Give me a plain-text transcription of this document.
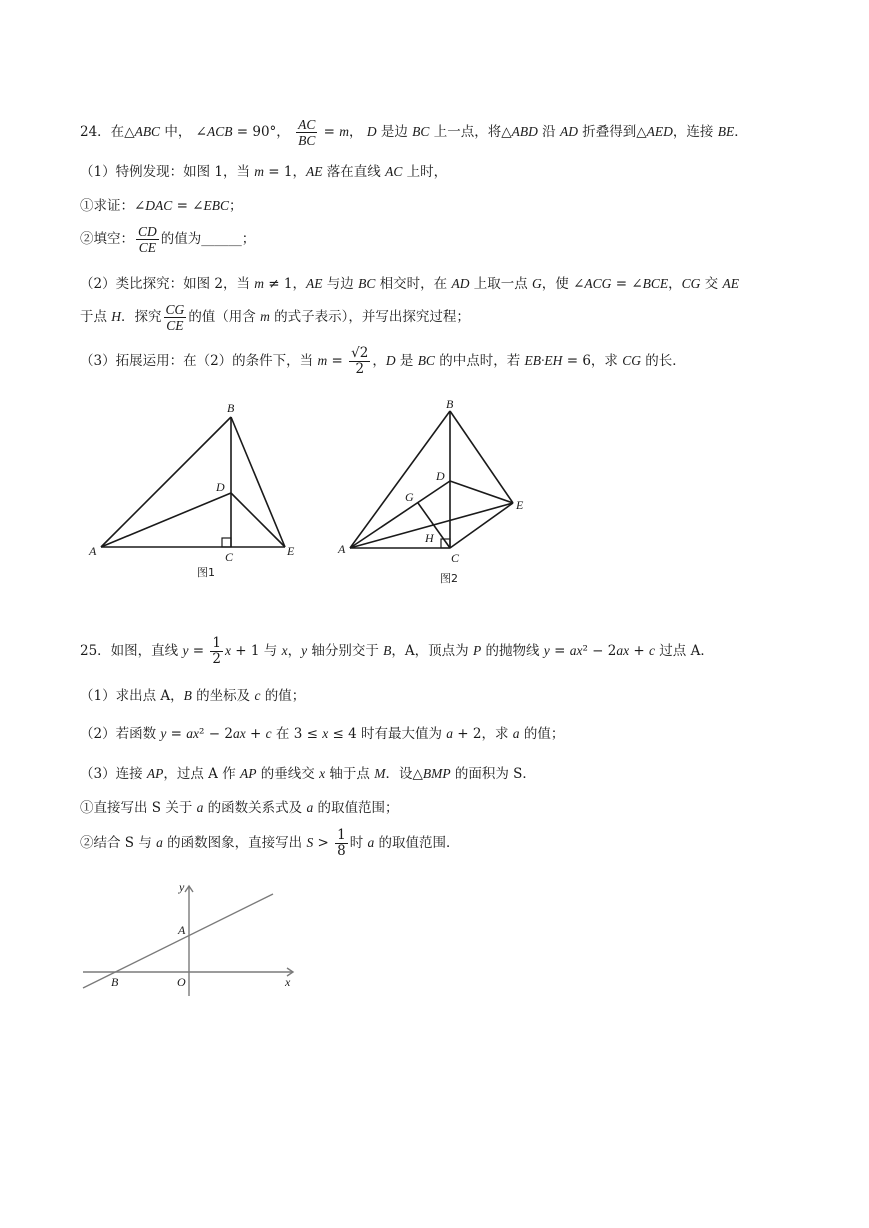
24．在△ABC 中， ∠ACB = 90°， $\frac{AC}{BC} = m$， D 是边 BC 上一点，将△ABD 沿 AD 折叠得到△AED，连接 BE．
（1）特例发现：如图 1，当 m = 1，AE 落在直线 AC 上时，
①求证：∠DAC = ∠EBC；
②填空： $\frac{CD}{CE}$ 的值为______；
（2）类比探究：如图 2，当 m ≠ 1，AE 与边 BC 相交时，在 AD 上取一点 G，使 ∠ACG = ∠BCE，CG 交 AE
于点 H．探究 $\frac{CG}{CE}$ 的值（用含 m 的式子表示），并写出探究过程；
（3）拓展运用：在（2）的条件下，当 $m = \frac{√2}{2}$ ，D 是 BC 的中点时，若 EB·EH = 6，求 CG 的长．
B
D
A	C	E
图1
B
D
G
E
A
H
C
图2
25．如图，直线 $y = \frac{1}{2}$ x + 1 与 x，y 轴分别交于 B，A，顶点为 P 的抛物线 y = ax² − 2ax + c 过点 A．
（1）求出点 A，B 的坐标及 c 的值；
（2）若函数 y = ax² − 2ax + c 在 3 ≤ x ≤ 4 时有最大值为 a + 2，求 a 的值；
（3）连接 AP，过点 A 作 AP 的垂线交 x 轴于点 M．设△BMP 的面积为 S．
①直接写出 S 关于 a 的函数关系式及 a 的取值范围；
②结合 S 与 a 的函数图象，直接写出 $S > \frac{1}{8}$ 时 a 的取值范围．
y
A
B	O	x
